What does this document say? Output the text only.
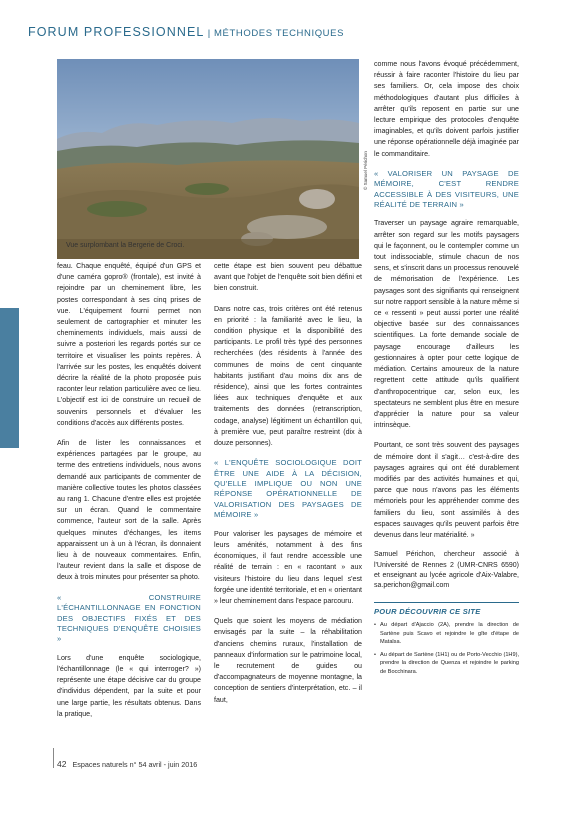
FORUM PROFESSIONNEL | MÉTHODES TECHNIQUES
Vue surplombant la Bergerie de Croci.
© Samuel Périchon

feau. Chaque enquêté, équipé d'un GPS et d'une caméra gopro® (frontale), est invité à rejoindre par un cheminement libre, les postes correspondant à ses cinq prises de vue. L'équipement fourni permet non seulement de cartographier et minuter les cheminements individuels, mais aussi de suivre a posteriori les regards portés sur ce territoire et visualiser les points repères. À l'arrivée sur les postes, les enquêtés doivent décrire la réalité de la photo proposée puis raconter leur relation particulière avec ce lieu. L'objectif est ici de construire un recueil de souvenirs personnels et d'évaluer les conditions d'accès aux différents postes.

Afin de lister les connaissances et expériences partagées par le groupe, au terme des entretiens individuels, nous avons demandé aux participants de commenter de manière collective toutes les photos classées au rang 1. Chacune d'entre elles est projetée sur un écran. Quand le commentaire commence, l'auteur sort de la salle. Après quelques minutes d'échanges, les items apparaissent un à un à l'écran, ils donnaient lieu à de nouveaux commentaires. Enfin, l'auteur revient dans la salle et dispose de deux à trois minutes pour présenter sa photo.

« CONSTRUIRE L'ÉCHANTILLONNAGE EN FONCTION DES OBJECTIFS FIXÉS ET DES TECHNIQUES D'ENQUÊTE CHOISIES »

Lors d'une enquête sociologique, l'échantillonnage (le « qui interroger? ») représente une étape décisive car du groupe d'individus dépendent, par la suite et pour une large partie, les résultats obtenus. Dans la pratique,

cette étape est bien souvent peu débattue avant que l'objet de l'enquête soit bien défini et bien construit.

Dans notre cas, trois critères ont été retenus en priorité : la familiarité avec le lieu, la condition physique et la disponibilité des participants. Le profil très typé des personnes recherchées (des résidents à l'année des communes de moins de cent cinquante habitants justifiant d'au moins dix ans de résidence), ainsi que les fortes contraintes liées aux techniques d'enquête et aux traitements des données (retranscription, codage, analyse) légitiment un échantillon qui, à première vue, peut paraître restreint (dix à douze personnes).

« L'ENQUÊTE SOCIOLOGIQUE DOIT ÊTRE UNE AIDE À LA DÉCISION, QU'ELLE IMPLIQUE OU NON UNE RÉPONSE OPÉRATIONNELLE DE VALORISATION DES PAYSAGES DE MÉMOIRE »

Pour valoriser les paysages de mémoire et leurs aménités, notamment à des fins économiques, il faut rendre accessible une réalité de terrain : en « racontant » aux visiteurs l'histoire du lieu dans lequel s'est forgée une identité territoriale, et en « orientant » leur cheminement dans l'espace parcouru.

Quels que soient les moyens de médiation envisagés par la suite – la réhabilitation d'anciens chemins ruraux, l'installation de panneaux d'information sur le patrimoine local, le recrutement de guides ou d'accompagnateurs de moyenne montagne, la conception de sentiers d'interprétation, etc. – il faut,

comme nous l'avons évoqué précédemment, réussir à faire raconter l'histoire du lieu par ses familiers. Or, cela impose des choix méthodologiques d'autant plus difficiles à arrêter qu'ils reposent en partie sur une lecture empirique des protocoles d'enquête imaginables, et qu'ils doivent parfois justifier une réponse opérationnelle déjà imaginée par le commanditaire.

« VALORISER UN PAYSAGE DE MÉMOIRE, C'EST RENDRE ACCESSIBLE À DES VISITEURS, UNE RÉALITÉ DE TERRAIN »

Traverser un paysage agraire remarquable, arrêter son regard sur les motifs paysagers qui le façonnent, ou le contempler comme un tout indissociable, stimule chacun de nos sens, et s'inscrit dans un processus renouvelé de mémorisation de l'expérience. Les paysages sont des signifiants qui renseignent sur notre rapport sensible à la nature même si ce « ressenti » peut aussi porter une réalité objective basée sur des connaissances scientifiques. La forte demande sociale de paysage encourage d'ailleurs les gestionnaires à opter pour cette logique de médiation. Certains amoureux de la nature regrettent cette attitude qu'ils qualifient d'anthropocentrique car, selon eux, les spectateurs ne semblent plus être en mesure d'apprécier la nature pour sa valeur intrinsèque.

Pourtant, ce sont très souvent des paysages de mémoire dont il s'agit… c'est-à-dire des paysages agraires qui ont été durablement modifiés par des activités humaines et qui, parce que nous n'avons pas les éléments mémoriels pour les appréhender comme des familiers du lieu, sont assimilés à des espaces sauvages qu'ils peuvent parfois être devenus dans leur matérialité. »

Samuel Périchon, chercheur associé à l'Université de Rennes 2 (UMR-CNRS 6590) et enseignant au lycée agricole d'Aix-Valabre, sa.perichon@gmail.com

POUR DÉCOUVRIR CE SITE
• Au départ d'Ajaccio (2A), prendre la direction de Sartène puis Scavo et rejoindre le gîte d'étape de Matalsa.
• Au départ de Sartène (1H1) ou de Porto-Vecchio (1H9), prendre la direction de Quenza et rejoindre le parking de Bocchinara.
42 Espaces naturels n° 54 avril - juin 2016
